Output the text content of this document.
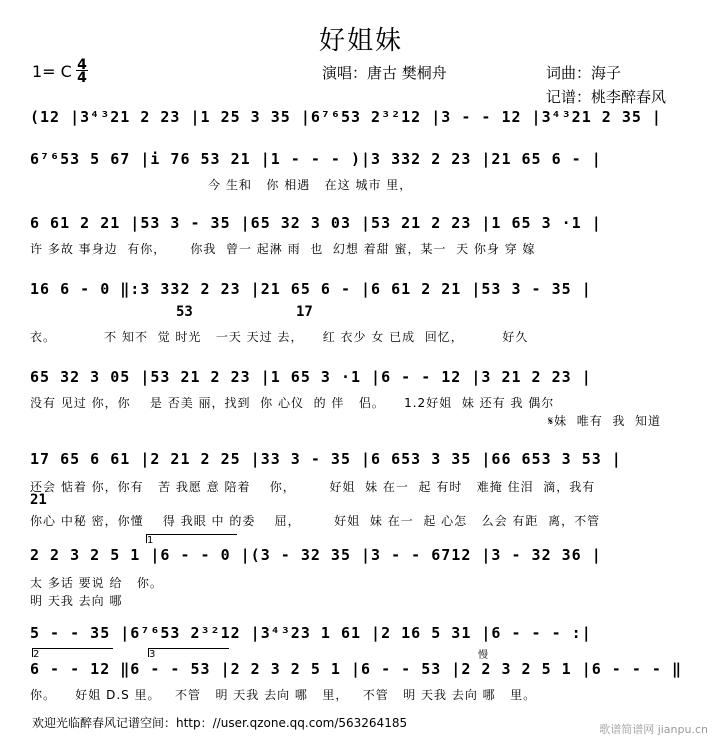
好姐妹
1= C 4
4	演唱：唐古 樊桐舟	词曲：海子
记谱：桃李醉春风
(12 |3⁴³21 2 23 |1 25 3 35 |6⁷⁶53 2³²12 |3 - - 12 |3⁴³21 2 35 |
6⁷⁶53 5 67 |i 76 53 21 |1 - - - )|3 332 2 23 |21 65 6 - |
今 生和   你 相遇   在这 城市 里，
6 61 2 21 |53 3 - 35 |65 32 3 03 |53 21 2 23 |1 65 3 ·1 |
许 多故 事身边  有你，     你我  曾一 起淋 雨  也  幻想 着甜 蜜，某一  天 你身 穿 嫁
16 6 - 0 ‖:3 332 2 23 |21 65 6 - |6 61 2 21 |53 3 - 35 |
53	17
衣。          不 知不  觉 时光   一天 天过 去，    红 衣少 女 已成  回忆，        好久
65 32 3 05 |53 21 2 23 |1 65 3 ·1 |6 - - 12 |3 21 2 23 |
没有 见过 你，你    是 否美 丽，找到  你 心仪  的 伴   侣。    1.2好姐  妹 还有 我 偶尔
𝄋妹  唯有  我  知道
17 65 6 61 |2 21 2 25 |33 3 - 35 |6 653 3 35 |66 653 3 53 |
还会 惦着 你，你有   苦 我愿 意 陪着    你，       好姐  妹 在一  起 有时   难掩 住泪  滴，我有
21
你心 中秘 密，你懂    得 我眼 中 的委    屈，       好姐  妹 在一  起 心怎   么会 有距  离，不管
1
2 2 3 2 5 1 |6 - - 0 |(3 - 32 35 |3 - - 6712 |3 - 32 36 |
太 多话 要说 给   你。
明 天我 去向 哪
5 - - 35 |6⁷⁶53 2³²12 |3⁴³23 1 61 |2 16 5 31 |6 - - - :|
2	3	慢
6 - - 12 ‖6 - - 53 |2 2 3 2 5 1 |6 - - 53 |2 2 3 2 5 1 |6 - - - ‖
你。    好姐 D.S 里。   不管   明 天我 去向 哪   里，   不管   明 天我 去向 哪   里。
欢迎光临醉春风记谱空间：http：//user.qzone.qq.com/563264185	歌谱简谱网 jianpu.cn
